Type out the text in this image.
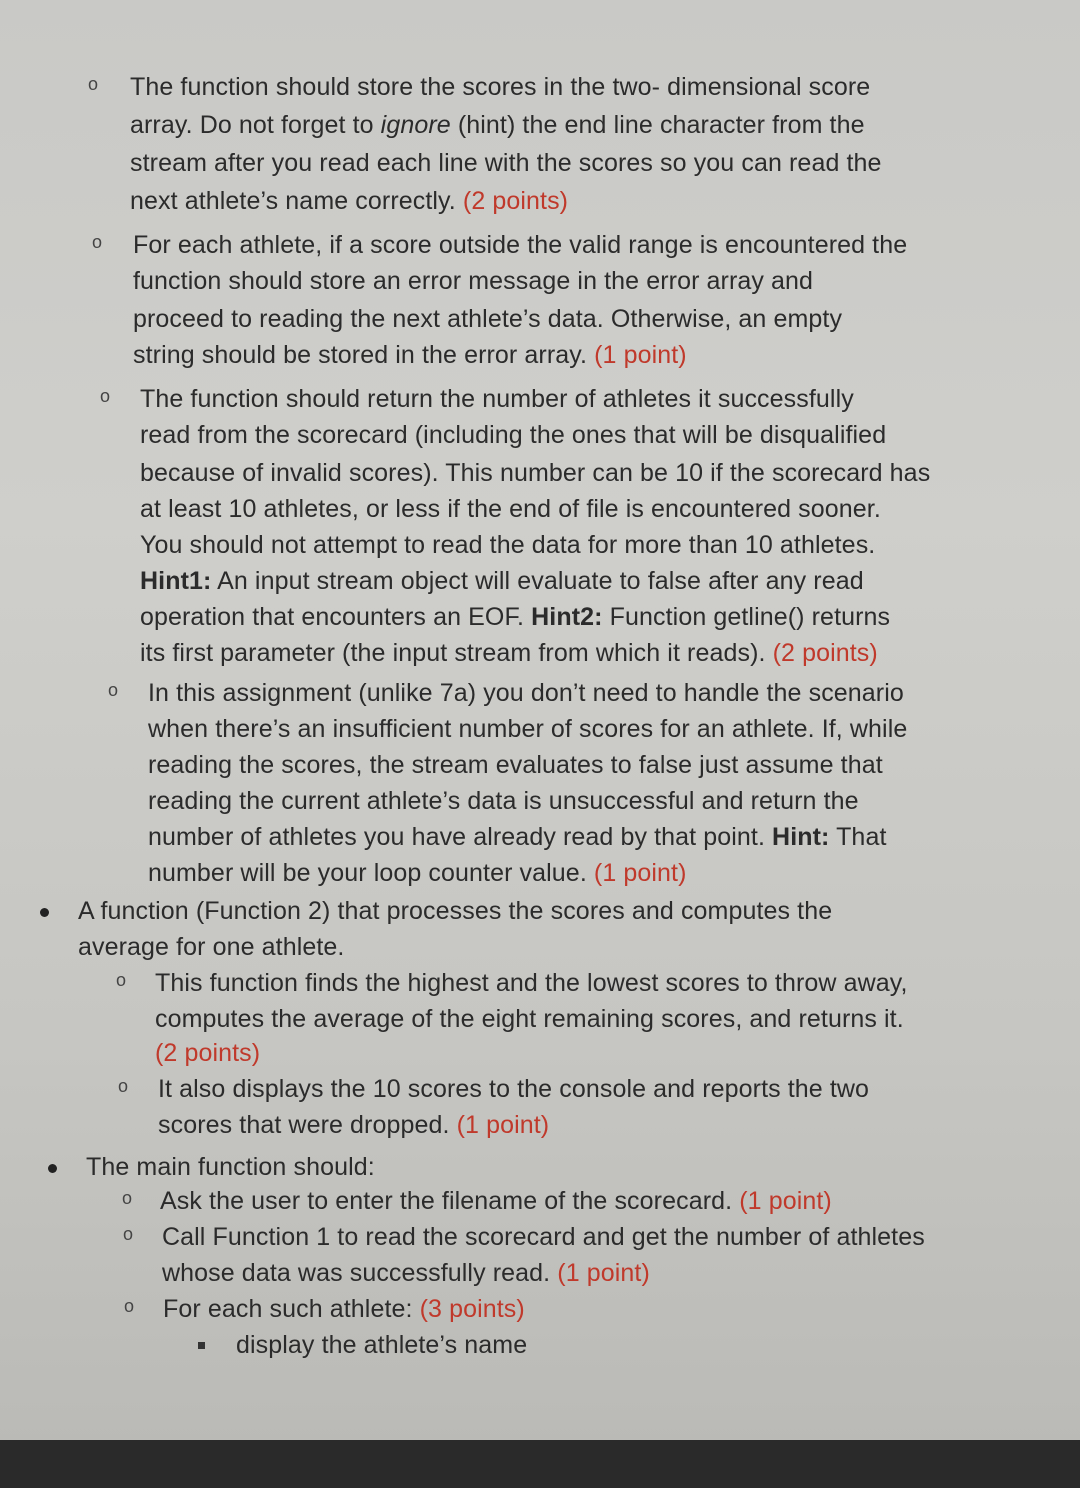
o The function should store the scores in the two- dimensional score
array. Do not forget to ignore (hint) the end line character from the
stream after you read each line with the scores so you can read the
next athlete’s name correctly. (2 points)
o For each athlete, if a score outside the valid range is encountered the
function should store an error message in the error array and
proceed to reading the next athlete’s data. Otherwise, an empty
string should be stored in the error array. (1 point)
o The function should return the number of athletes it successfully
read from the scorecard (including the ones that will be disqualified
because of invalid scores). This number can be 10 if the scorecard has
at least 10 athletes, or less if the end of file is encountered sooner.
You should not attempt to read the data for more than 10 athletes.
Hint1: An input stream object will evaluate to false after any read
operation that encounters an EOF. Hint2: Function getline() returns
its first parameter (the input stream from which it reads). (2 points)
o In this assignment (unlike 7a) you don’t need to handle the scenario
when there’s an insufficient number of scores for an athlete. If, while
reading the scores, the stream evaluates to false just assume that
reading the current athlete’s data is unsuccessful and return the
number of athletes you have already read by that point. Hint: That
number will be your loop counter value. (1 point)
A function (Function 2) that processes the scores and computes the
average for one athlete.
o This function finds the highest and the lowest scores to throw away,
computes the average of the eight remaining scores, and returns it.
(2 points)
o It also displays the 10 scores to the console and reports the two
scores that were dropped. (1 point)
The main function should:
o Ask the user to enter the filename of the scorecard. (1 point)
o Call Function 1 to read the scorecard and get the number of athletes
whose data was successfully read. (1 point)
o For each such athlete: (3 points)
display the athlete’s name
